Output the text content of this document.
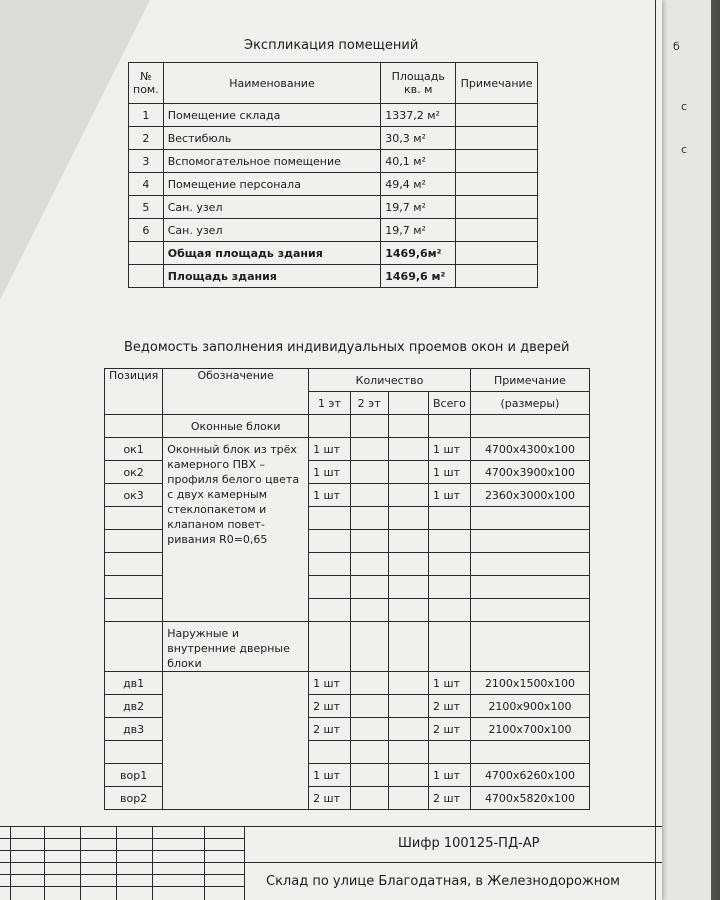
б
с
с
Экспликация помещений
№ пом.	Наименование	Площадь кв. м	Примечание
1	Помещение склада	1337,2 м²	
2	Вестибюль	30,3 м²	
3	Вспомогательное помещение	40,1 м²	
4	Помещение персонала	49,4 м²	
5	Сан. узел	19,7 м²	
6	Сан. узел	19,7 м²	
	Общая площадь здания	1469,6м²	
	Площадь здания	1469,6 м²	
Ведомость заполнения индивидуальных проемов окон и дверей
Позиция	Обозначение	Количество				Примечание
		1 эт	2 эт		Всего	(размеры)
	Оконные блоки					
ок1	Оконный блок из трёх камерного ПВХ – профиля белого цвета с двух камерным стеклопакетом и клапаном поветривания R0=0,65	1 шт			1 шт	4700x4300x100
ок2		1 шт			1 шт	4700x3900x100
ок3		1 шт			1 шт	2360x3000x100

	Наружные и внутренние дверные блоки					
дв1		1 шт			1 шт	2100x1500x100
дв2		2 шт			2 шт	2100x900x100
дв3		2 шт			2 шт	2100x700x100

вор1		1 шт			1 шт	4700x6260x100
вор2		2 шт			2 шт	4700x5820x100
Шифр 100125-ПД-АР
Склад по улице Благодатная, в Железнодорожном
